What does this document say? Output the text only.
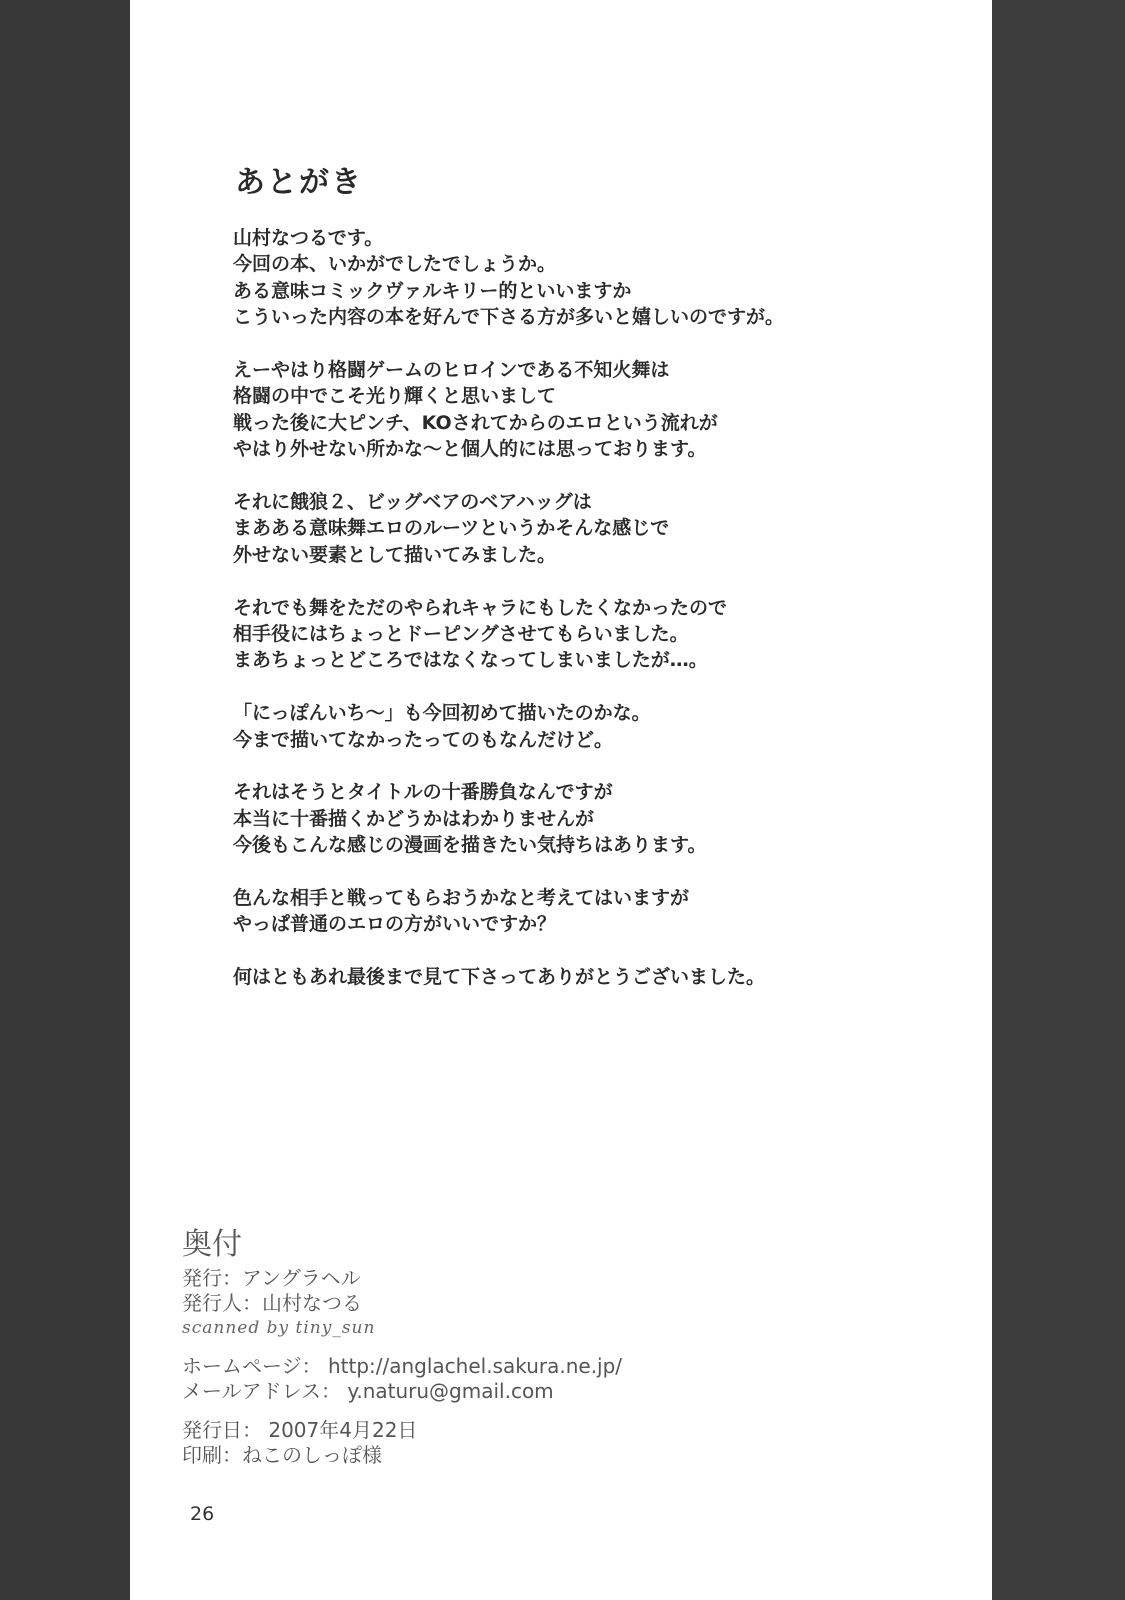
あとがき
山村なつるです。
今回の本、いかがでしたでしょうか。
ある意味コミックヴァルキリー的といいますか
こういった内容の本を好んで下さる方が多いと嬉しいのですが。
えーやはり格闘ゲームのヒロインである不知火舞は
格闘の中でこそ光り輝くと思いまして
戦った後に大ピンチ、KOされてからのエロという流れが
やはり外せない所かな～と個人的には思っております。
それに餓狼２、ビッグベアのベアハッグは
まあある意味舞エロのルーツというかそんな感じで
外せない要素として描いてみました。
それでも舞をただのやられキャラにもしたくなかったので
相手役にはちょっとドーピングさせてもらいました。
まあちょっとどころではなくなってしまいましたが…。
「にっぽんいち～」も今回初めて描いたのかな。
今まで描いてなかったってのもなんだけど。
それはそうとタイトルの十番勝負なんですが
本当に十番描くかどうかはわかりませんが
今後もこんな感じの漫画を描きたい気持ちはあります。
色んな相手と戦ってもらおうかなと考えてはいますが
やっぱ普通のエロの方がいいですか？
何はともあれ最後まで見て下さってありがとうございました。
奥付
発行：アングラヘル
発行人：山村なつる
scanned by tiny_sun
ホームページ： http://anglachel.sakura.ne.jp/
メールアドレス： y.naturu@gmail.com
発行日： 2007年4月22日
印刷：ねこのしっぽ様
26
